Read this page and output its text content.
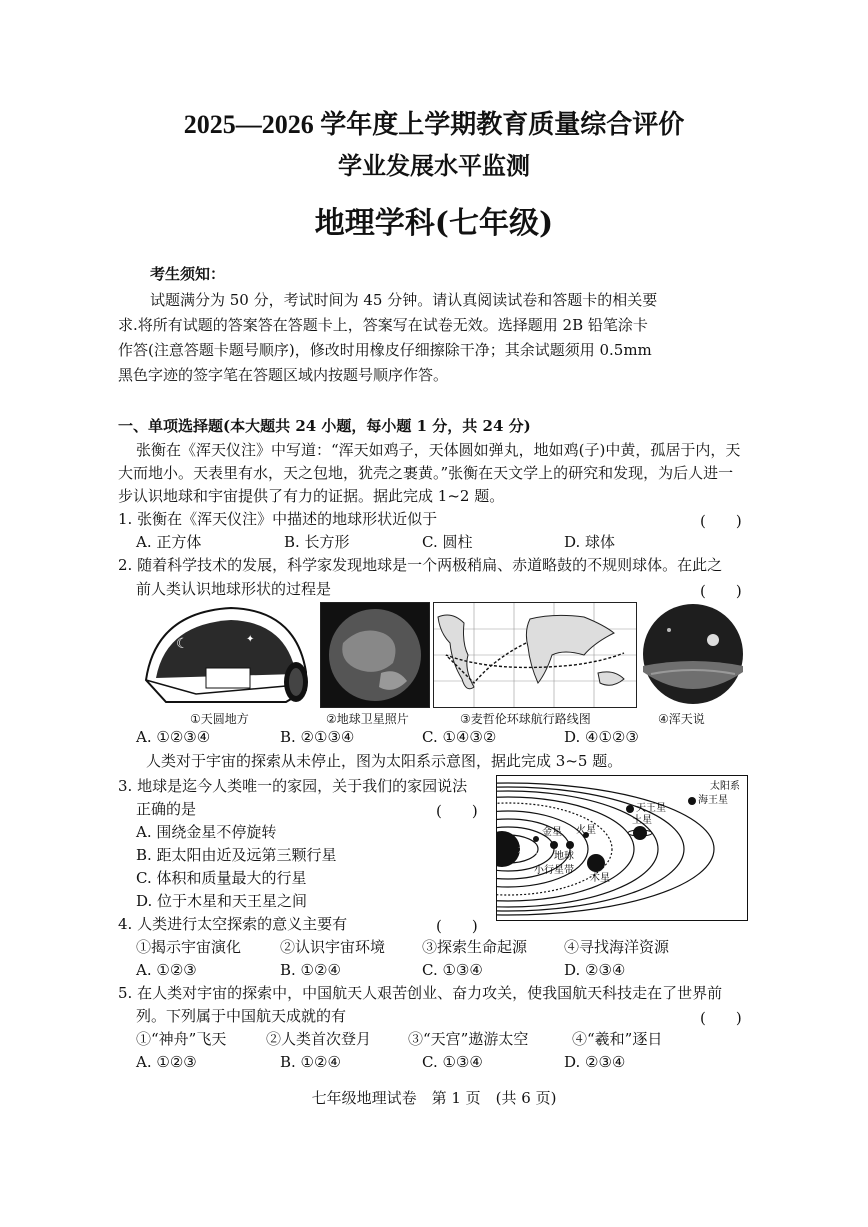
2025—2026 学年度上学期教育质量综合评价
学业发展水平监测
地理学科(七年级)
考生须知：
试题满分为 50 分，考试时间为 45 分钟。请认真阅读试卷和答题卡的相关要
求.将所有试题的答案答在答题卡上，答案写在试卷无效。选择题用 2B 铅笔涂卡
作答(注意答题卡题号顺序)，修改时用橡皮仔细擦除干净；其余试题须用 0.5mm
黑色字迹的签字笔在答题区域内按题号顺序作答。
一、单项选择题(本大题共 24 小题，每小题 1 分，共 24 分)
张衡在《浑天仪注》中写道：“浑天如鸡子，天体圆如弹丸，地如鸡(子)中黄，孤居于内，天
大而地小。天表里有水，天之包地，犹壳之裹黄。”张衡在天文学上的研究和发现，为后人进一
步认识地球和宇宙提供了有力的证据。据此完成 1~2 题。
1. 张衡在《浑天仪注》中描述的地球形状近似于	(　　)
A. 正方体	B. 长方形	C. 圆柱	D. 球体
2. 随着科学技术的发展，科学家发现地球是一个两极稍扁、赤道略鼓的不规则球体。在此之
前人类认识地球形状的过程是	(　　)
☾	✦
①天圆地方	②地球卫星照片	③麦哲伦环球航行路线图	④浑天说
A. ①②③④	B. ②①③④	C. ①④③②	D. ④①②③
人类对于宇宙的探索从未停止，图为太阳系示意图，据此完成 3~5 题。
3. 地球是迄今人类唯一的家园，关于我们的家园说法
正确的是	(　　)
A. 围绕金星不停旋转
B. 距太阳由近及远第三颗行星
C. 体积和质量最大的行星
D. 位于木星和天王星之间
太阳系
天王星
海王星
土星
金星 火星
水星
地球
木星
小行星带
4. 人类进行太空探索的意义主要有	(　　)
①揭示宇宙演化	②认识宇宙环境 ③探索生命起源 ④寻找海洋资源
A. ①②③	B. ①②④	C. ①③④	D. ②③④
5. 在人类对宇宙的探索中，中国航天人艰苦创业、奋力攻关，使我国航天科技走在了世界前
列。下列属于中国航天成就的有	(　　)
①“神舟”飞天	②人类首次登月 ③“天宫”遨游太空	④“羲和”逐日
A. ①②③	B. ①②④	C. ①③④	D. ②③④
七年级地理试卷　第 1 页　(共 6 页)
